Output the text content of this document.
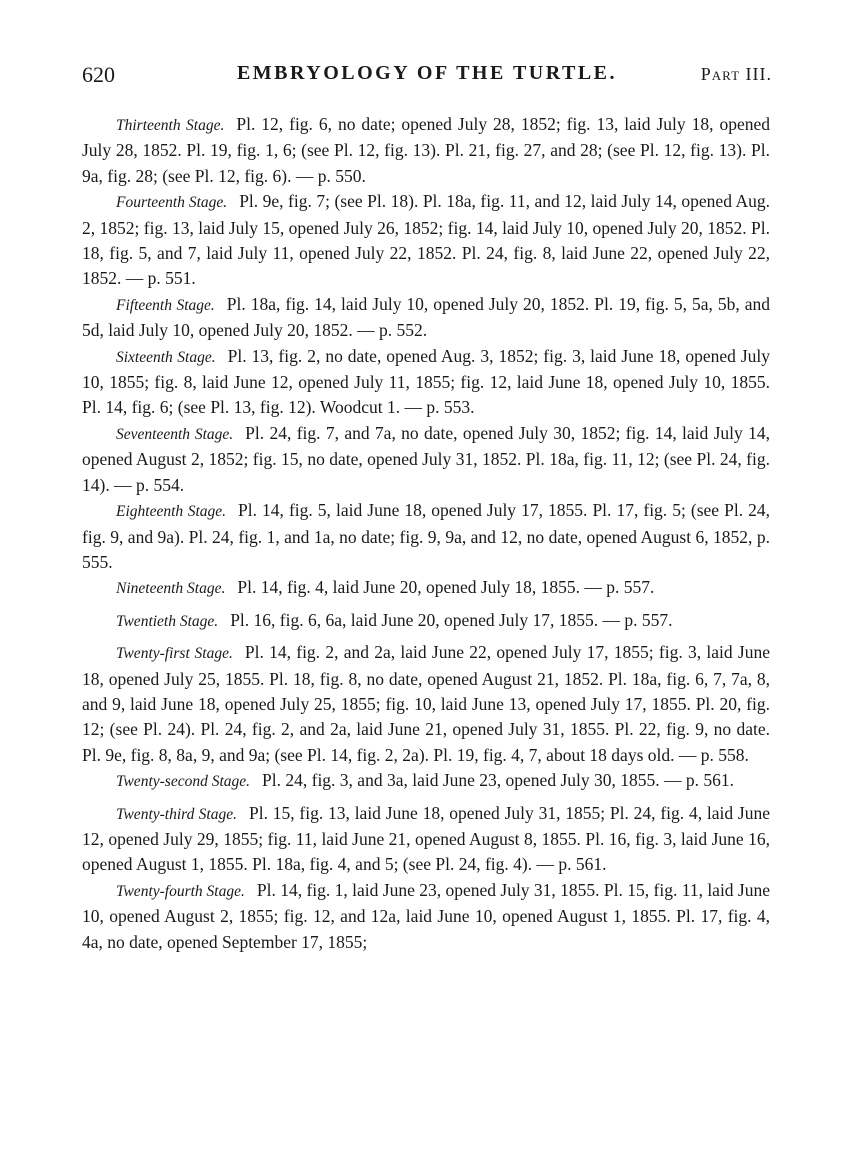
620	EMBRYOLOGY OF THE TURTLE.	Part III.

Thirteenth Stage. Pl. 12, fig. 6, no date; opened July 28, 1852; fig. 13, laid July 18, opened July 28, 1852. Pl. 19, fig. 1, 6; (see Pl. 12, fig. 13). Pl. 21, fig. 27, and 28; (see Pl. 12, fig. 13). Pl. 9a, fig. 28; (see Pl. 12, fig. 6). — p. 550.

Fourteenth Stage. Pl. 9e, fig. 7; (see Pl. 18). Pl. 18a, fig. 11, and 12, laid July 14, opened Aug. 2, 1852; fig. 13, laid July 15, opened July 26, 1852; fig. 14, laid July 10, opened July 20, 1852. Pl. 18, fig. 5, and 7, laid July 11, opened July 22, 1852. Pl. 24, fig. 8, laid June 22, opened July 22, 1852. — p. 551.

Fifteenth Stage. Pl. 18a, fig. 14, laid July 10, opened July 20, 1852. Pl. 19, fig. 5, 5a, 5b, and 5d, laid July 10, opened July 20, 1852. — p. 552.

Sixteenth Stage. Pl. 13, fig. 2, no date, opened Aug. 3, 1852; fig. 3, laid June 18, opened July 10, 1855; fig. 8, laid June 12, opened July 11, 1855; fig. 12, laid June 18, opened July 10, 1855. Pl. 14, fig. 6; (see Pl. 13, fig. 12). Woodcut 1. — p. 553.

Seventeenth Stage. Pl. 24, fig. 7, and 7a, no date, opened July 30, 1852; fig. 14, laid July 14, opened August 2, 1852; fig. 15, no date, opened July 31, 1852. Pl. 18a, fig. 11, 12; (see Pl. 24, fig. 14). — p. 554.

Eighteenth Stage. Pl. 14, fig. 5, laid June 18, opened July 17, 1855. Pl. 17, fig. 5; (see Pl. 24, fig. 9, and 9a). Pl. 24, fig. 1, and 1a, no date; fig. 9, 9a, and 12, no date, opened August 6, 1852, p. 555.

Nineteenth Stage. Pl. 14, fig. 4, laid June 20, opened July 18, 1855. — p. 557.

Twentieth Stage. Pl. 16, fig. 6, 6a, laid June 20, opened July 17, 1855. — p. 557.

Twenty-first Stage. Pl. 14, fig. 2, and 2a, laid June 22, opened July 17, 1855; fig. 3, laid June 18, opened July 25, 1855. Pl. 18, fig. 8, no date, opened August 21, 1852. Pl. 18a, fig. 6, 7, 7a, 8, and 9, laid June 18, opened July 25, 1855; fig. 10, laid June 13, opened July 17, 1855. Pl. 20, fig. 12; (see Pl. 24). Pl. 24, fig. 2, and 2a, laid June 21, opened July 31, 1855. Pl. 22, fig. 9, no date. Pl. 9e, fig. 8, 8a, 9, and 9a; (see Pl. 14, fig. 2, 2a). Pl. 19, fig. 4, 7, about 18 days old. — p. 558.

Twenty-second Stage. Pl. 24, fig. 3, and 3a, laid June 23, opened July 30, 1855. — p. 561.

Twenty-third Stage. Pl. 15, fig. 13, laid June 18, opened July 31, 1855; Pl. 24, fig. 4, laid June 12, opened July 29, 1855; fig. 11, laid June 21, opened August 8, 1855. Pl. 16, fig. 3, laid June 16, opened August 1, 1855. Pl. 18a, fig. 4, and 5; (see Pl. 24, fig. 4). — p. 561.

Twenty-fourth Stage. Pl. 14, fig. 1, laid June 23, opened July 31, 1855. Pl. 15, fig. 11, laid June 10, opened August 2, 1855; fig. 12, and 12a, laid June 10, opened August 1, 1855. Pl. 17, fig. 4, 4a, no date, opened September 17, 1855;
